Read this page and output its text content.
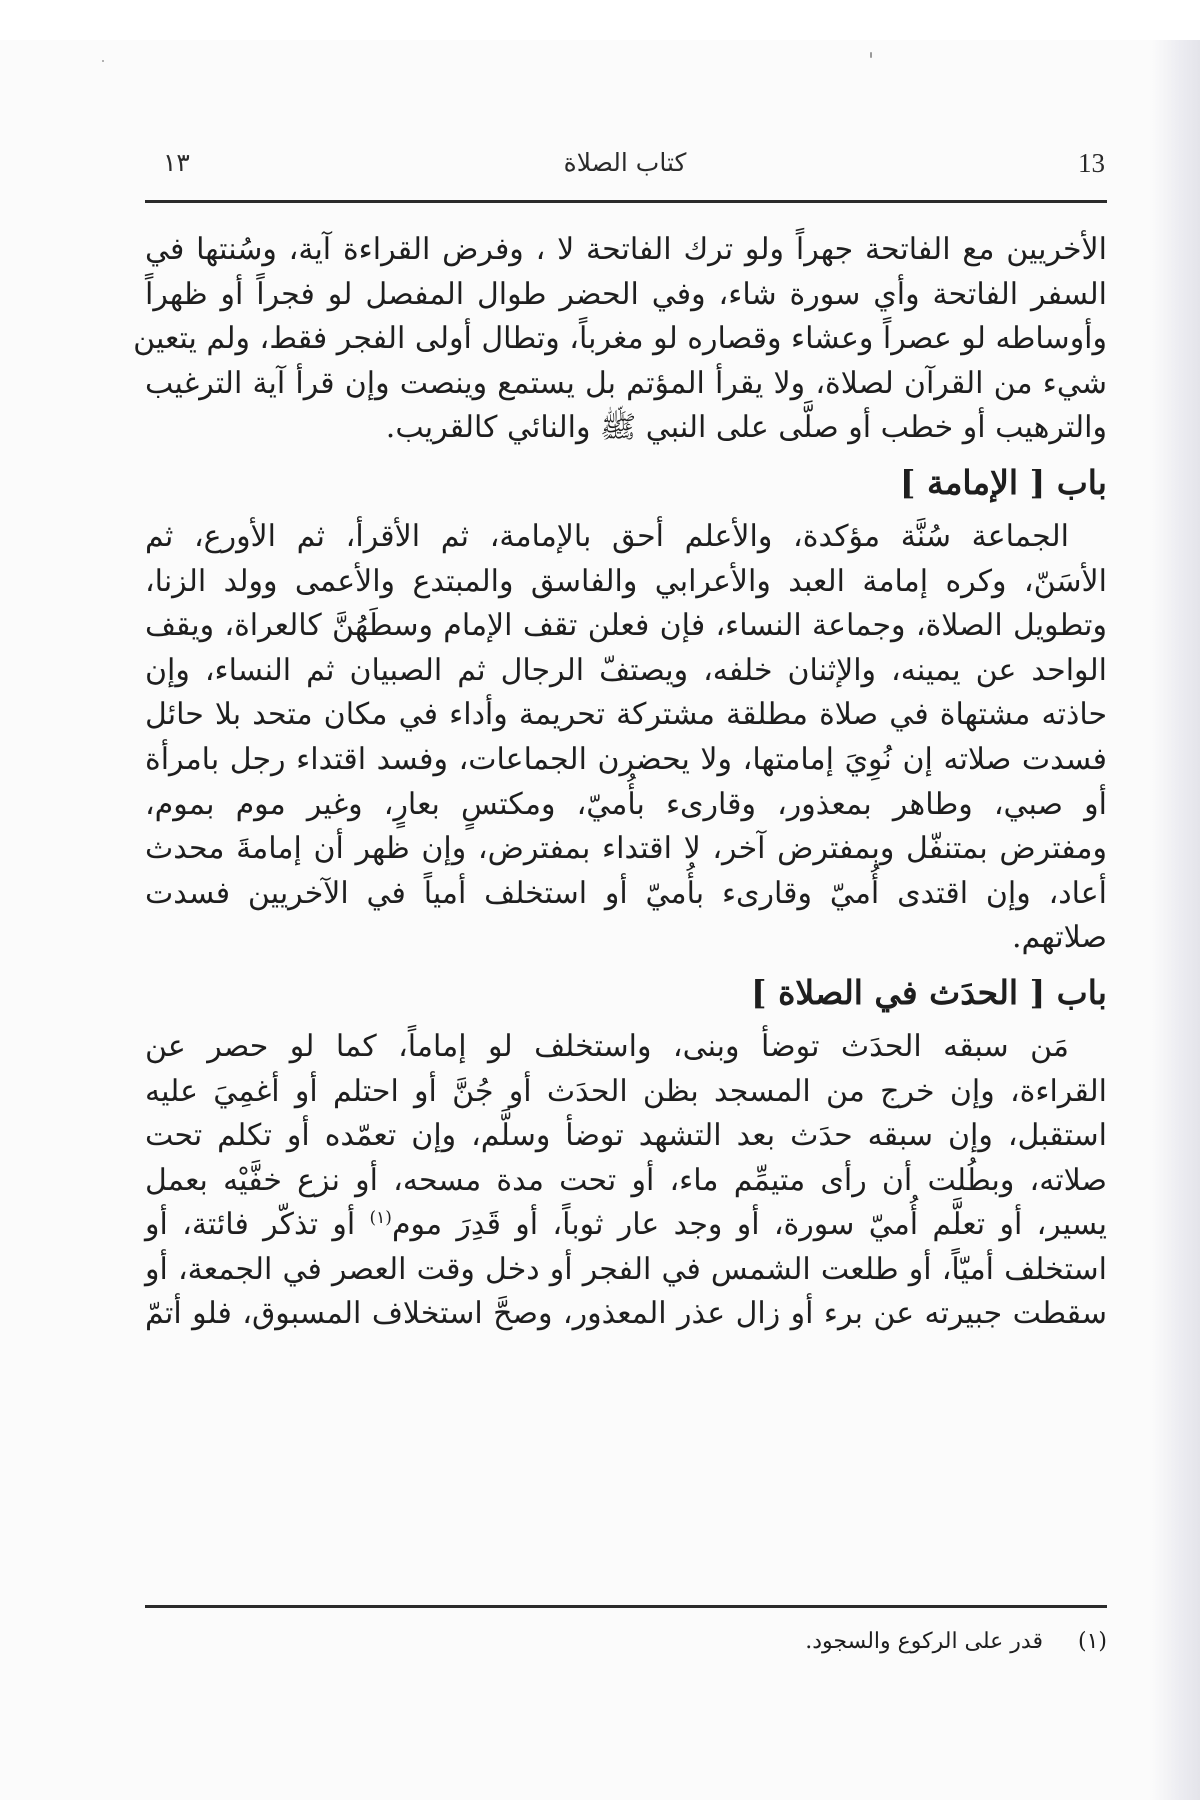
13
كتاب الصلاة
١٣
الأخريين مع الفاتحة جهراً ولو ترك الفاتحة لا ، وفرض القراءة آية، وسُنتها في
السفر الفاتحة وأي سورة شاء، وفي الحضر طوال المفصل لو فجراً أو ظهراً
وأوساطه لو عصراً وعشاء وقصاره لو مغرباً، وتطال أولى الفجر فقط، ولم يتعين
شيء من القرآن لصلاة، ولا يقرأ المؤتم بل يستمع وينصت وإن قرأ آية الترغيب
والترهيب أو خطب أو صلَّى على النبي ﷺ والنائي كالقريب.
باب [ الإمامة ]
الجماعة سُنَّة مؤكدة، والأعلم أحق بالإمامة، ثم الأقرأ، ثم الأورع، ثم
الأسَنّ، وكره إمامة العبد والأعرابي والفاسق والمبتدع والأعمى وولد الزنا،
وتطويل الصلاة، وجماعة النساء، فإن فعلن تقف الإمام وسطَهُنَّ كالعراة، ويقف
الواحد عن يمينه، والإثنان خلفه، ويصتفّ الرجال ثم الصبيان ثم النساء، وإن
حاذته مشتهاة في صلاة مطلقة مشتركة تحريمة وأداء في مكان متحد بلا حائل
فسدت صلاته إن نُوِيَ إمامتها، ولا يحضرن الجماعات، وفسد اقتداء رجل بامرأة
أو صبي، وطاهر بمعذور، وقارىء بأُميّ، ومكتسٍ بعارٍ، وغير موم بموم،
ومفترض بمتنفّل وبمفترض آخر، لا اقتداء بمفترض، وإن ظهر أن إمامةَ محدث
أعاد، وإن اقتدى أُميّ وقارىء بأُميّ أو استخلف أمياً في الآخريين فسدت
صلاتهم.
باب [ الحدَث في الصلاة ]
مَن سبقه الحدَث توضأ وبنى، واستخلف لو إماماً، كما لو حصر عن
القراءة، وإن خرج من المسجد بظن الحدَث أو جُنَّ أو احتلم أو أغمِيَ عليه
استقبل، وإن سبقه حدَث بعد التشهد توضأ وسلَّم، وإن تعمّده أو تكلم تحت
صلاته، وبطُلت أن رأى متيمِّم ماء، أو تحت مدة مسحه، أو نزع خفَّيْه بعمل
يسير، أو تعلَّم أُميّ سورة، أو وجد عار ثوباً، أو قَدِرَ موم$^{(١)}$ أو تذكّر فائتة، أو
استخلف أميّاً، أو طلعت الشمس في الفجر أو دخل وقت العصر في الجمعة، أو
سقطت جبيرته عن برء أو زال عذر المعذور، وصحَّ استخلاف المسبوق، فلو أتمّ
(١) قدر على الركوع والسجود.
